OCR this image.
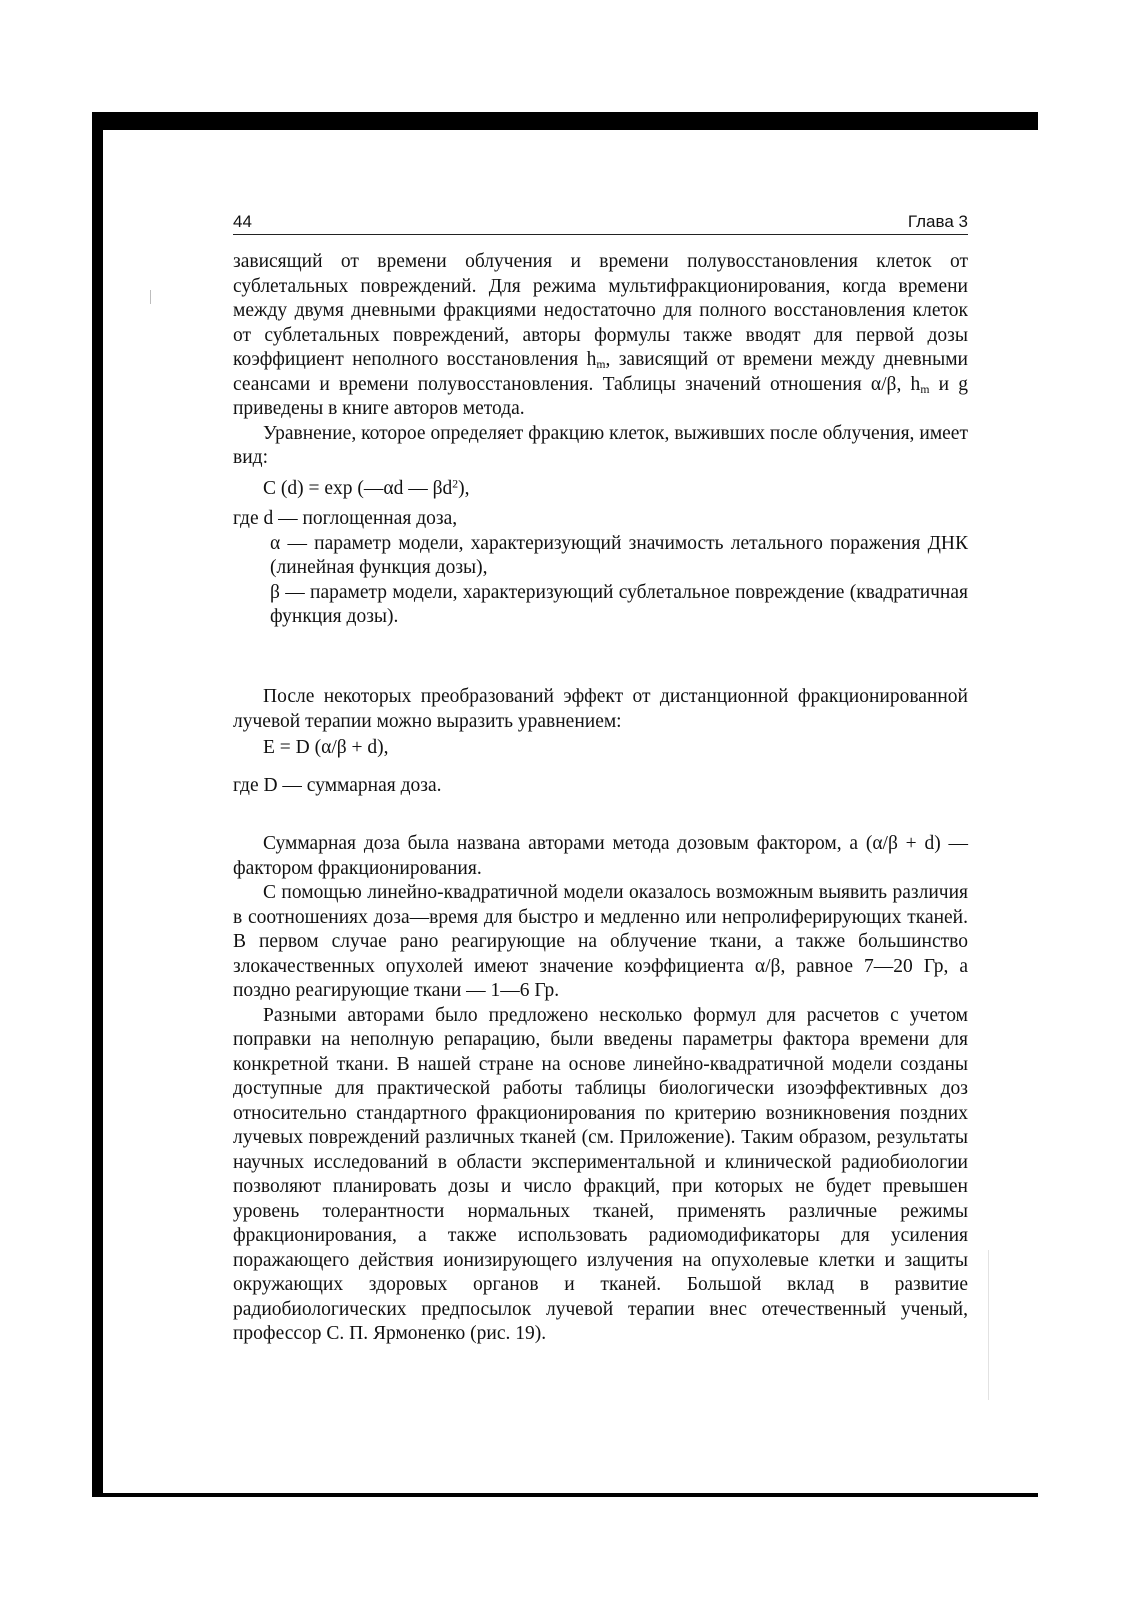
44	Глава 3

зависящий от времени облучения и времени полувосстановления клеток от сублетальных повреждений. Для режима мультифракционирования, когда времени между двумя дневными фракциями недостаточно для полного восстановления клеток от сублетальных повреждений, авторы формулы также вводят для первой дозы коэффициент неполного восстановления $h_m$, зависящий от времени между дневными сеансами и времени полувосстановления. Таблицы значений отношения α/β, $h_m$ и g приведены в книге авторов метода.

Уравнение, которое определяет фракцию клеток, выживших после облучения, имеет вид:

C (d) = exp (—αd — $\beta d^2$),

где d — поглощенная доза,

α — параметр модели, характеризующий значимость летального поражения ДНК (линейная функция дозы),

β — параметр модели, характеризующий сублетальное повреждение (квадратичная функция дозы).

После некоторых преобразований эффект от дистанционной фракционированной лучевой терапии можно выразить уравнением:

E = D (α/β + d),

где D — суммарная доза.

Суммарная доза была названа авторами метода дозовым фактором, а (α/β + d) — фактором фракционирования.

С помощью линейно-квадратичной модели оказалось возможным выявить различия в соотношениях доза—время для быстро и медленно или непролиферирующих тканей. В первом случае рано реагирующие на облучение ткани, а также большинство злокачественных опухолей имеют значение коэффициента α/β, равное 7—20 Гр, а поздно реагирующие ткани — 1—6 Гр.

Разными авторами было предложено несколько формул для расчетов с учетом поправки на неполную репарацию, были введены параметры фактора времени для конкретной ткани. В нашей стране на основе линейно-квадратичной модели созданы доступные для практической работы таблицы биологически изоэффективных доз относительно стандартного фракционирования по критерию возникновения поздних лучевых повреждений различных тканей (см. Приложение). Таким образом, результаты научных исследований в области экспериментальной и клинической радиобиологии позволяют планировать дозы и число фракций, при которых не будет превышен уровень толерантности нормальных тканей, применять различные режимы фракционирования, а также использовать радиомодификаторы для усиления поражающего действия ионизирующего излучения на опухолевые клетки и защиты окружающих здоровых органов и тканей. Большой вклад в развитие радиобиологических предпосылок лучевой терапии внес отечественный ученый, профессор С. П. Ярмоненко (рис. 19).
